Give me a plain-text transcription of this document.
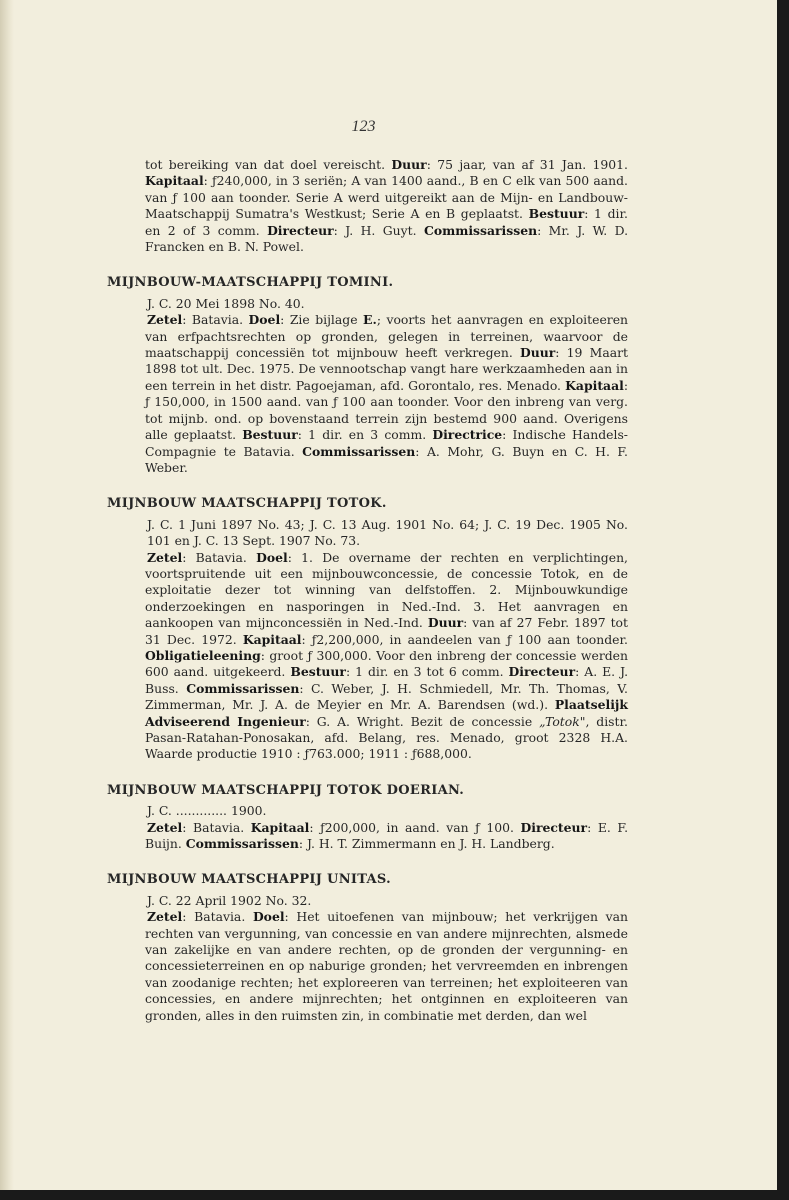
123

tot bereiking van dat doel vereischt. Duur: 75 jaar, van af 31 Jan. 1901. Kapitaal: ƒ240,000, in 3 seriën; A van 1400 aand., B en C elk van 500 aand. van ƒ 100 aan toonder. Serie A werd uitgereikt aan de Mijn- en Landbouw-Maatschappij Sumatra's Westkust; Serie A en B geplaatst. Bestuur: 1 dir. en 2 of 3 comm. Directeur: J. H. Guyt. Commissarissen: Mr. J. W. D. Francken en B. N. Powel.

MIJNBOUW-MAATSCHAPPIJ TOMINI.

J. C. 20 Mei 1898 No. 40.

Zetel: Batavia. Doel: Zie bijlage E.; voorts het aanvragen en exploiteeren van erfpachtsrechten op gronden, gelegen in terreinen, waarvoor de maatschappij concessiën tot mijnbouw heeft verkregen. Duur: 19 Maart 1898 tot ult. Dec. 1975. De vennootschap vangt hare werkzaamheden aan in een terrein in het distr. Pagoejaman, afd. Gorontalo, res. Menado. Kapitaal: ƒ 150,000, in 1500 aand. van ƒ 100 aan toonder. Voor den inbreng van verg. tot mijnb. ond. op bovenstaand terrein zijn bestemd 900 aand. Overigens alle geplaatst. Bestuur: 1 dir. en 3 comm. Directrice: Indische Handels-Compagnie te Batavia. Commissarissen: A. Mohr, G. Buyn en C. H. F. Weber.

MIJNBOUW MAATSCHAPPIJ TOTOK.

J. C. 1 Juni 1897 No. 43; J. C. 13 Aug. 1901 No. 64; J. C. 19 Dec. 1905 No. 101 en J. C. 13 Sept. 1907 No. 73.

Zetel: Batavia. Doel: 1. De overname der rechten en verplichtingen, voortspruitende uit een mijnbouwconcessie, de concessie Totok, en de exploitatie dezer tot winning van delfstoffen. 2. Mijnbouwkundige onderzoekingen en nasporingen in Ned.-Ind. 3. Het aanvragen en aankoopen van mijnconcessiën in Ned.-Ind. Duur: van af 27 Febr. 1897 tot 31 Dec. 1972. Kapitaal: ƒ2,200,000, in aandeelen van ƒ 100 aan toonder. Obligatieleening: groot ƒ 300,000. Voor den inbreng der concessie werden 600 aand. uitgekeerd. Bestuur: 1 dir. en 3 tot 6 comm. Directeur: A. E. J. Buss. Commissarissen: C. Weber, J. H. Schmiedell, Mr. Th. Thomas, V. Zimmerman, Mr. J. A. de Meyier en Mr. A. Barendsen (wd.). Plaatselijk Adviseerend Ingenieur: G. A. Wright. Bezit de concessie „Totok", distr. Pasan-Ratahan-Ponosakan, afd. Belang, res. Menado, groot 2328 H.A. Waarde productie 1910 : ƒ763.000; 1911 : ƒ688,000.

MIJNBOUW MAATSCHAPPIJ TOTOK DOERIAN.

J. C. ............. 1900.

Zetel: Batavia. Kapitaal: ƒ200,000, in aand. van ƒ 100. Directeur: E. F. Buijn. Commissarissen: J. H. T. Zimmermann en J. H. Landberg.

MIJNBOUW MAATSCHAPPIJ UNITAS.

J. C. 22 April 1902 No. 32.

Zetel: Batavia. Doel: Het uitoefenen van mijnbouw; het verkrijgen van rechten van vergunning, van concessie en van andere mijnrechten, alsmede van zakelijke en van andere rechten, op de gronden der vergunning- en concessieterreinen en op naburige gronden; het vervreemden en inbrengen van zoodanige rechten; het exploreeren van terreinen; het exploiteeren van concessies, en andere mijnrechten; het ontginnen en exploiteeren van gronden, alles in den ruimsten zin, in combinatie met derden, dan wel
